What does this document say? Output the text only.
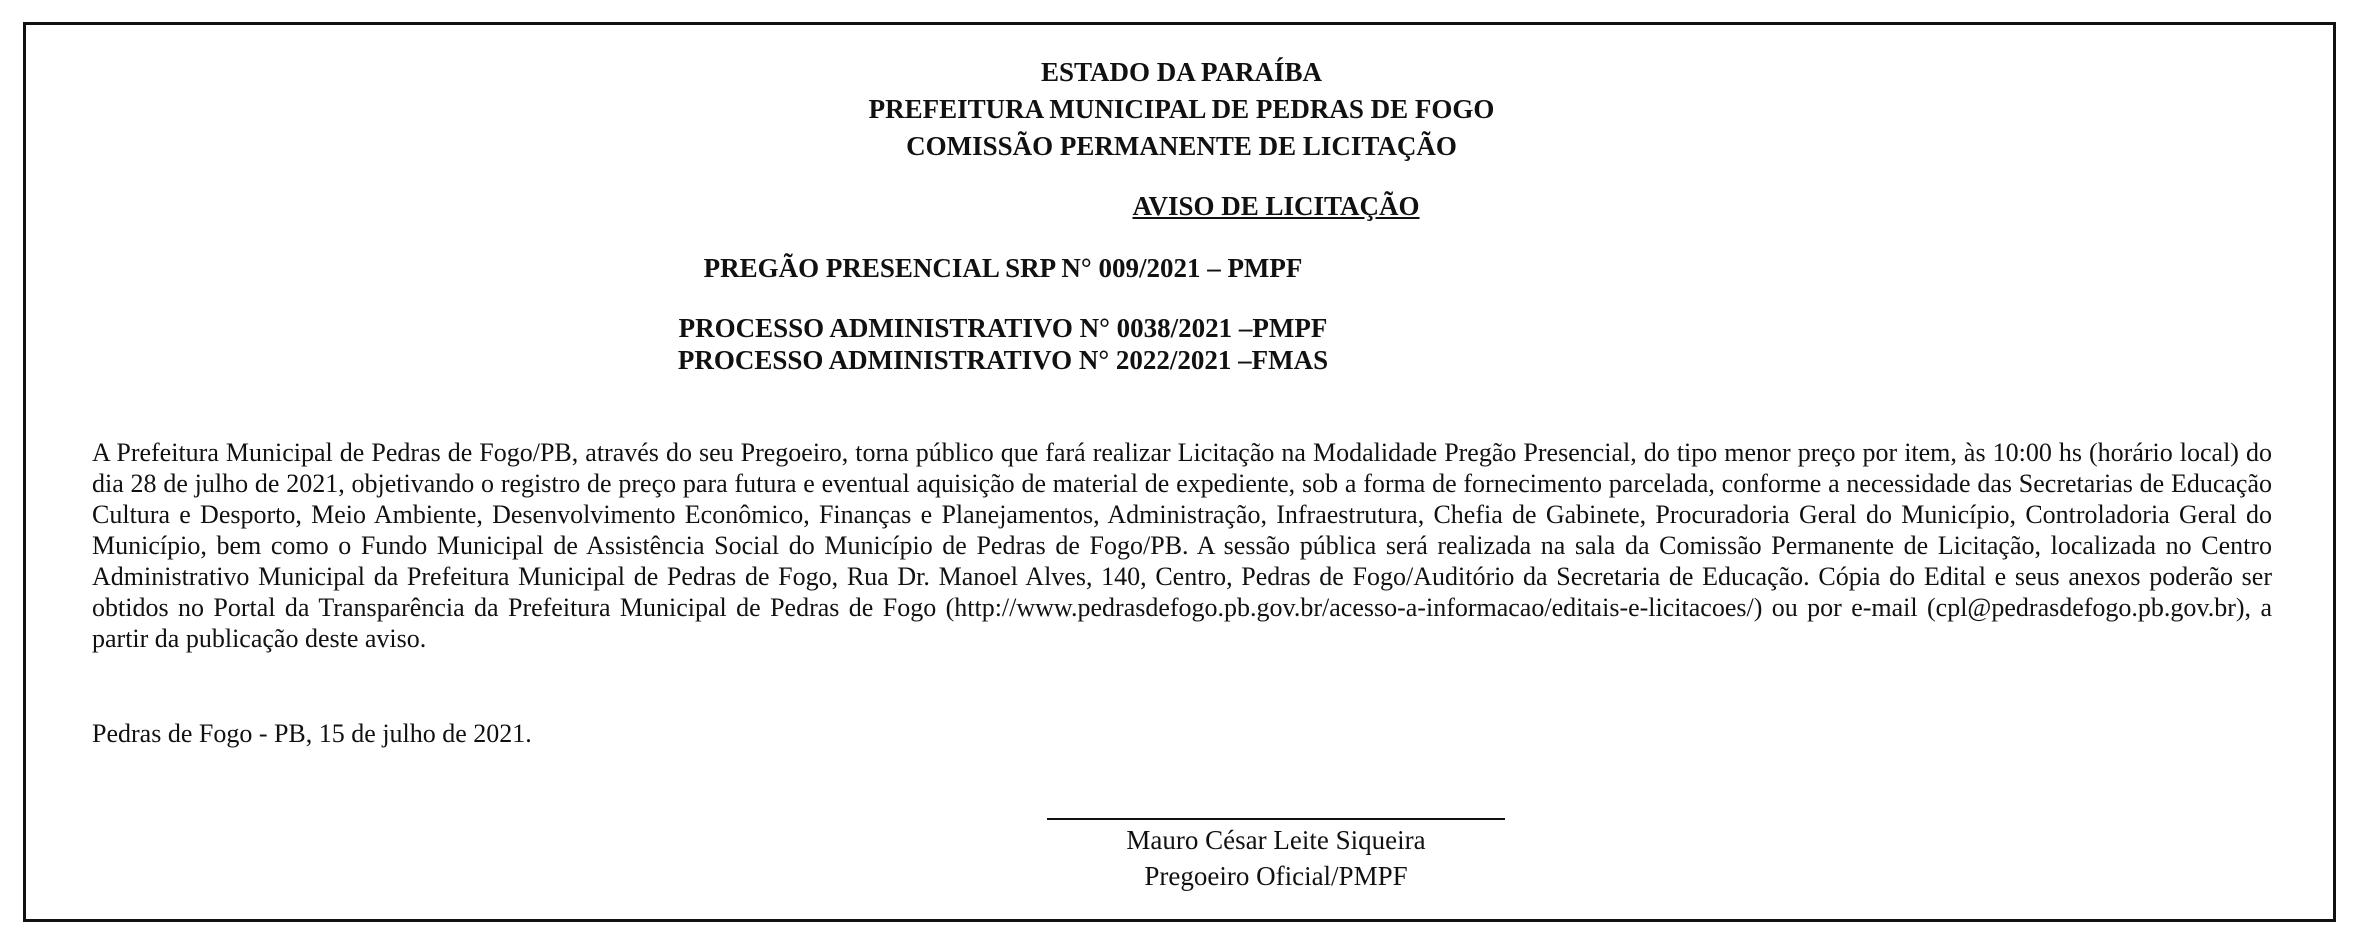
ESTADO DA PARAÍBA
PREFEITURA MUNICIPAL DE PEDRAS DE FOGO
COMISSÃO PERMANENTE DE LICITAÇÃO
AVISO DE LICITAÇÃO
PREGÃO PRESENCIAL SRP N° 009/2021 – PMPF
PROCESSO ADMINISTRATIVO N° 0038/2021 –PMPF
PROCESSO ADMINISTRATIVO N° 2022/2021 –FMAS
A Prefeitura Municipal de Pedras de Fogo/PB, através do seu Pregoeiro, torna público que fará realizar Licitação na Modalidade Pregão Presencial, do tipo menor preço por item, às 10:00 hs (horário local) do dia 28 de julho de 2021, objetivando o registro de preço para futura e eventual aquisição de material de expediente, sob a forma de fornecimento parcelada, conforme a necessidade das Secretarias de Educação Cultura e Desporto, Meio Ambiente, Desenvolvimento Econômico, Finanças e Planejamentos, Administração, Infraestrutura, Chefia de Gabinete, Procuradoria Geral do Município, Controladoria Geral do Município, bem como o Fundo Municipal de Assistência Social do Município de Pedras de Fogo/PB. A sessão pública será realizada na sala da Comissão Permanente de Licitação, localizada no Centro Administrativo Municipal da Prefeitura Municipal de Pedras de Fogo, Rua Dr. Manoel Alves, 140, Centro, Pedras de Fogo/Auditório da Secretaria de Educação. Cópia do Edital e seus anexos poderão ser obtidos no Portal da Transparência da Prefeitura Municipal de Pedras de Fogo (http://www.pedrasdefogo.pb.gov.br/acesso-a-informacao/editais-e-licitacoes/) ou por e-mail (cpl@pedrasdefogo.pb.gov.br), a partir da publicação deste aviso.
Pedras de Fogo - PB, 15 de julho de 2021.
Mauro César Leite Siqueira
Pregoeiro Oficial/PMPF
